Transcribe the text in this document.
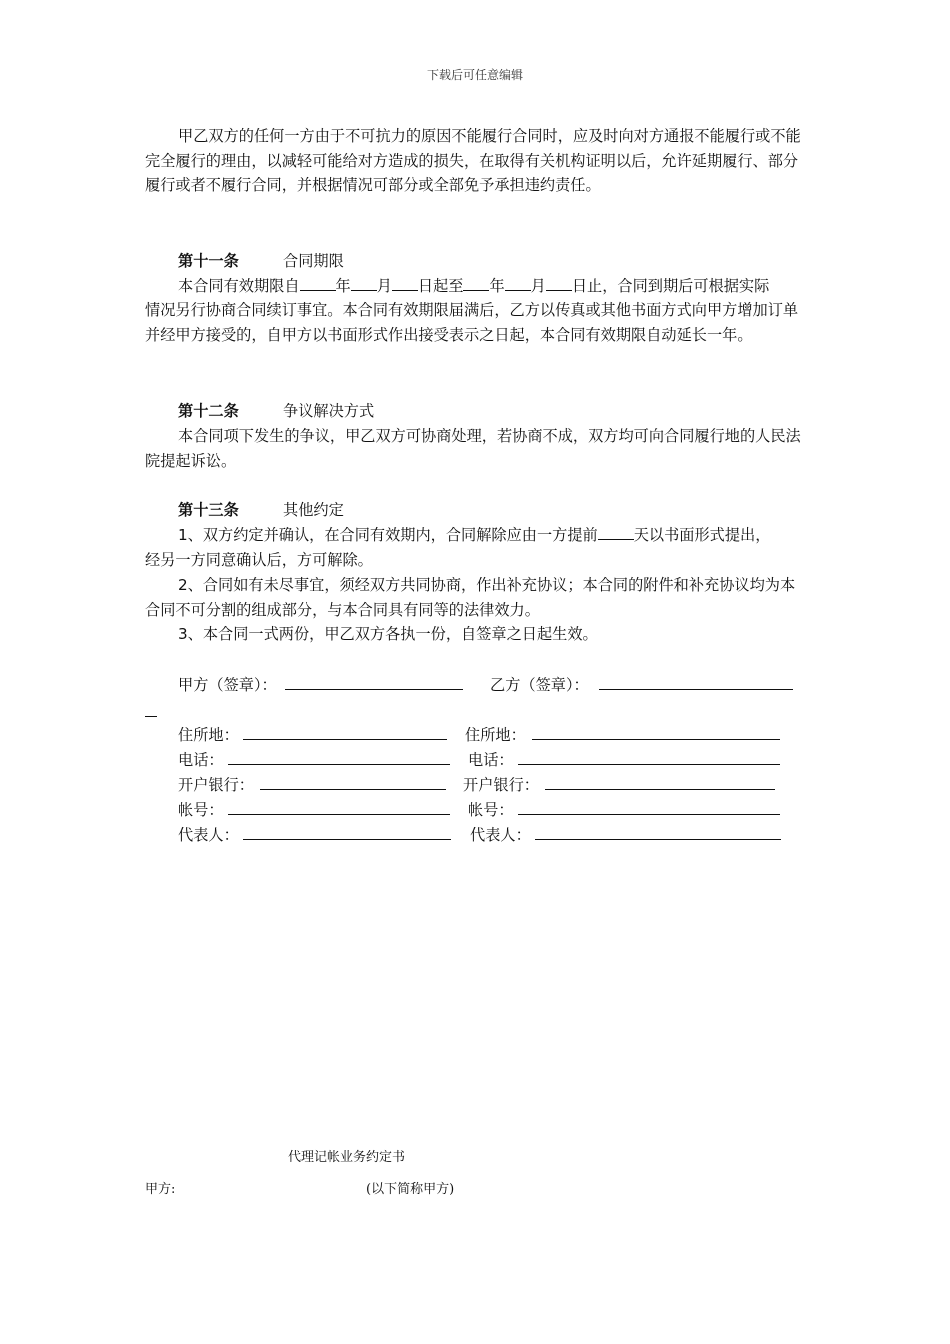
下载后可任意编辑
甲乙双方的任何一方由于不可抗力的原因不能履行合同时，应及时向对方通报不能履行或不能完全履行的理由，以减轻可能给对方造成的损失，在取得有关机构证明以后，允许延期履行、部分履行或者不履行合同，并根据情况可部分或全部免予承担违约责任。
第十一条	合同期限
本合同有效期限自 年 月 日起至 年 月 日止，合同到期后可根据实际
情况另行协商合同续订事宜。本合同有效期限届满后，乙方以传真或其他书面方式向甲方增加订单并经甲方接受的，自甲方以书面形式作出接受表示之日起，本合同有效期限自动延长一年。
第十二条	争议解决方式
本合同项下发生的争议，甲乙双方可协商处理，若协商不成，双方均可向合同履行地的人民法院提起诉讼。
第十三条	其他约定
1、双方约定并确认，在合同有效期内，合同解除应由一方提前 天以书面形式提出，
经另一方同意确认后，方可解除。
2、合同如有未尽事宜，须经双方共同协商，作出补充协议；本合同的附件和补充协议均为本合同不可分割的组成部分，与本合同具有同等的法律效力。
3、本合同一式两份，甲乙双方各执一份，自签章之日起生效。
甲方（签章）：	乙方（签章）：
住所地：	住所地：
电话：	电话：
开户银行：	开户银行：
帐号：	帐号：
代表人：	代表人：
代理记帐业务约定书
甲方:	(以下简称甲方)
